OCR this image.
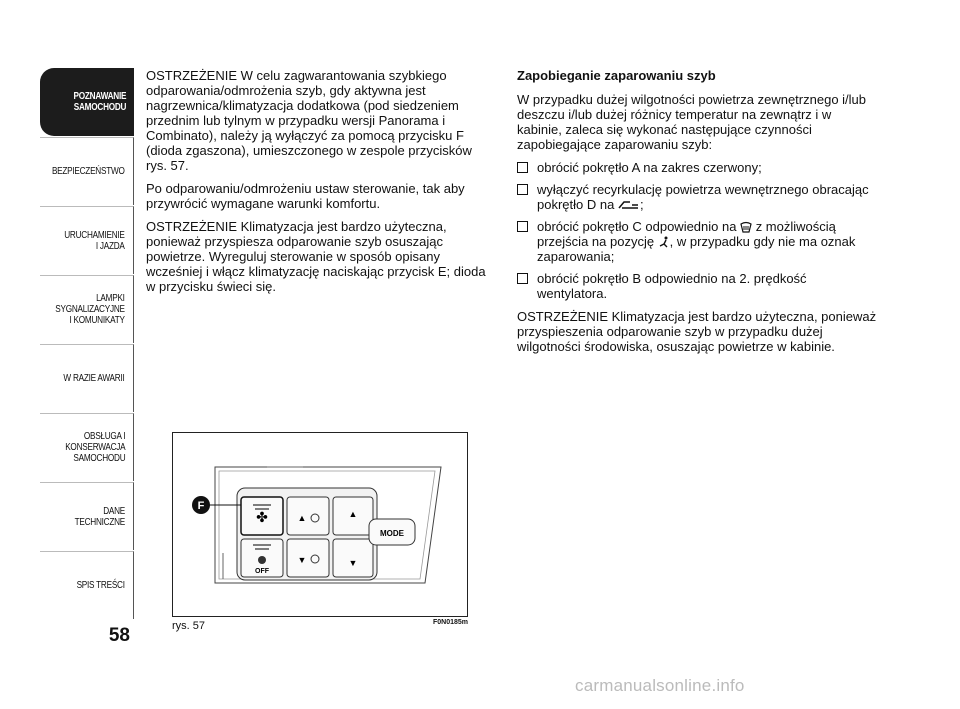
POZNAWANIE
SAMOCHODU
BEZPIECZEŃSTWO
URUCHAMIENIE
I JAZDA
LAMPKI
SYGNALIZACYJNE
I KOMUNIKATY
W RAZIE AWARII
OBSŁUGA I
KONSERWACJA
SAMOCHODU
DANE TECHNICZNE
SPIS TREŚCI
58

OSTRZEŻENIE W celu zagwarantowania szybkiego odparowania/odmrożenia szyb, gdy aktywna jest nagrzewnica/klimatyzacja dodatkowa (pod siedzeniem przednim lub tylnym w przypadku wersji Panorama i Combinato), należy ją wyłączyć za pomocą przycisku F (dioda zgaszona), umieszczonego w zespole przycisków rys. 57.

Po odparowaniu/odmrożeniu ustaw sterowanie, tak aby przywrócić wymagane warunki komfortu.

OSTRZEŻENIE Klimatyzacja jest bardzo użyteczna, ponieważ przyspiesza odparowanie szyb osuszając powietrze. Wyreguluj sterowanie w sposób opisany wcześniej i włącz klimatyzację naciskając przycisk E; dioda w przycisku świeci się.

Zapobieganie zaparowaniu szyb

W przypadku dużej wilgotności powietrza zewnętrznego i/lub deszczu i/lub dużej różnicy temperatur na zewnątrz i w kabinie, zaleca się wykonać następujące czynności zapobiegające zaparowaniu szyb:

obrócić pokrętło A na zakres czerwony;
wyłączyć recyrkulację powietrza wewnętrznego obracając pokrętło D na ;
obrócić pokrętło C odpowiednio na  z możliwością przejścia na pozycję , w przypadku gdy nie ma oznak zaparowania;
obrócić pokrętło B odpowiednio na 2. prędkość wentylatora.

OSTRZEŻENIE Klimatyzacja jest bardzo użyteczna, ponieważ przyspieszenia odparowanie szyb w przypadku dużej wilgotności środowiska, osuszając powietrze w kabinie.

✤	▲	▲
OFF
▼	▼
MODE
F
rys. 57	F0N0185m
carmanualsonline.info
